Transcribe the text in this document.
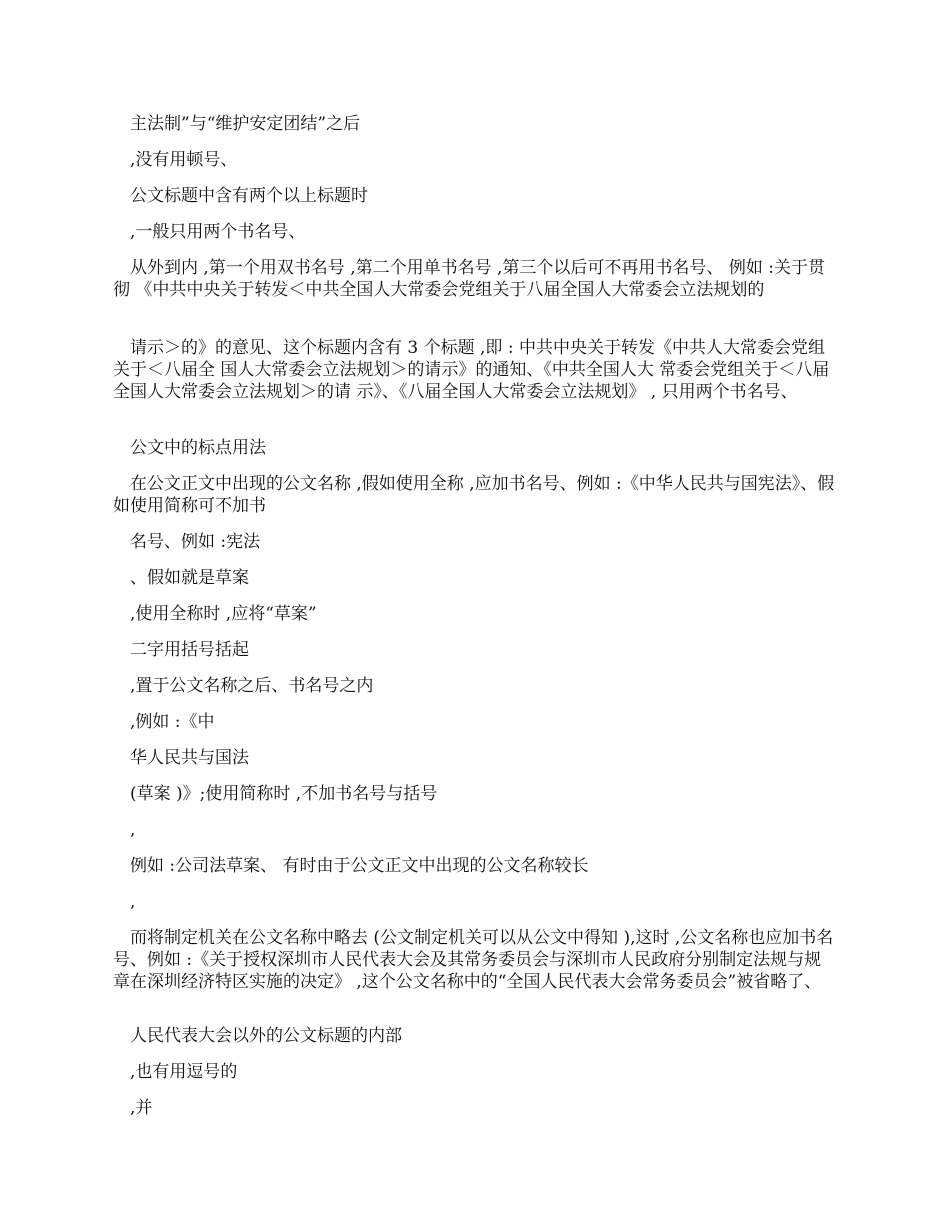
主法制”与“维护安定团结”之后

,没有用顿号、

公文标题中含有两个以上标题时

,一般只用两个书名号、

从外到内 ,第一个用双书名号 ,第二个用单书名号 ,第三个以后可不再用书名号、 例如 :关于贯彻 《中共中央关于转发＜中共全国人大常委会党组关于八届全国人大常委会立法规划的

请示＞的》的意见、这个标题内含有 3 个标题 ,即 : 中共中央关于转发《中共人大常委会党组关于＜八届全 国人大常委会立法规划＞的请示》的通知、《中共全国人大 常委会党组关于＜八届全国人大常委会立法规划＞的请 示》、《八届全国人大常委会立法规划》 , 只用两个书名号、

公文中的标点用法

在公文正文中出现的公文名称 ,假如使用全称 ,应加书名号、例如 :《中华人民共与国宪法》、假如使用简称可不加书

名号、例如 :宪法

、假如就是草案

,使用全称时 ,应将“草案”

二字用括号括起

,置于公文名称之后、书名号之内

,例如 :《中

华人民共与国法

(草案 )》;使用简称时 ,不加书名号与括号

,

例如 :公司法草案、 有时由于公文正文中出现的公文名称较长

,

而将制定机关在公文名称中略去 (公文制定机关可以从公文中得知 ),这时 ,公文名称也应加书名号、例如 :《关于授权深圳市人民代表大会及其常务委员会与深圳市人民政府分别制定法规与规章在深圳经济特区实施的决定》 ,这个公文名称中的“全国人民代表大会常务委员会”被省略了、

人民代表大会以外的公文标题的内部

,也有用逗号的

,并
